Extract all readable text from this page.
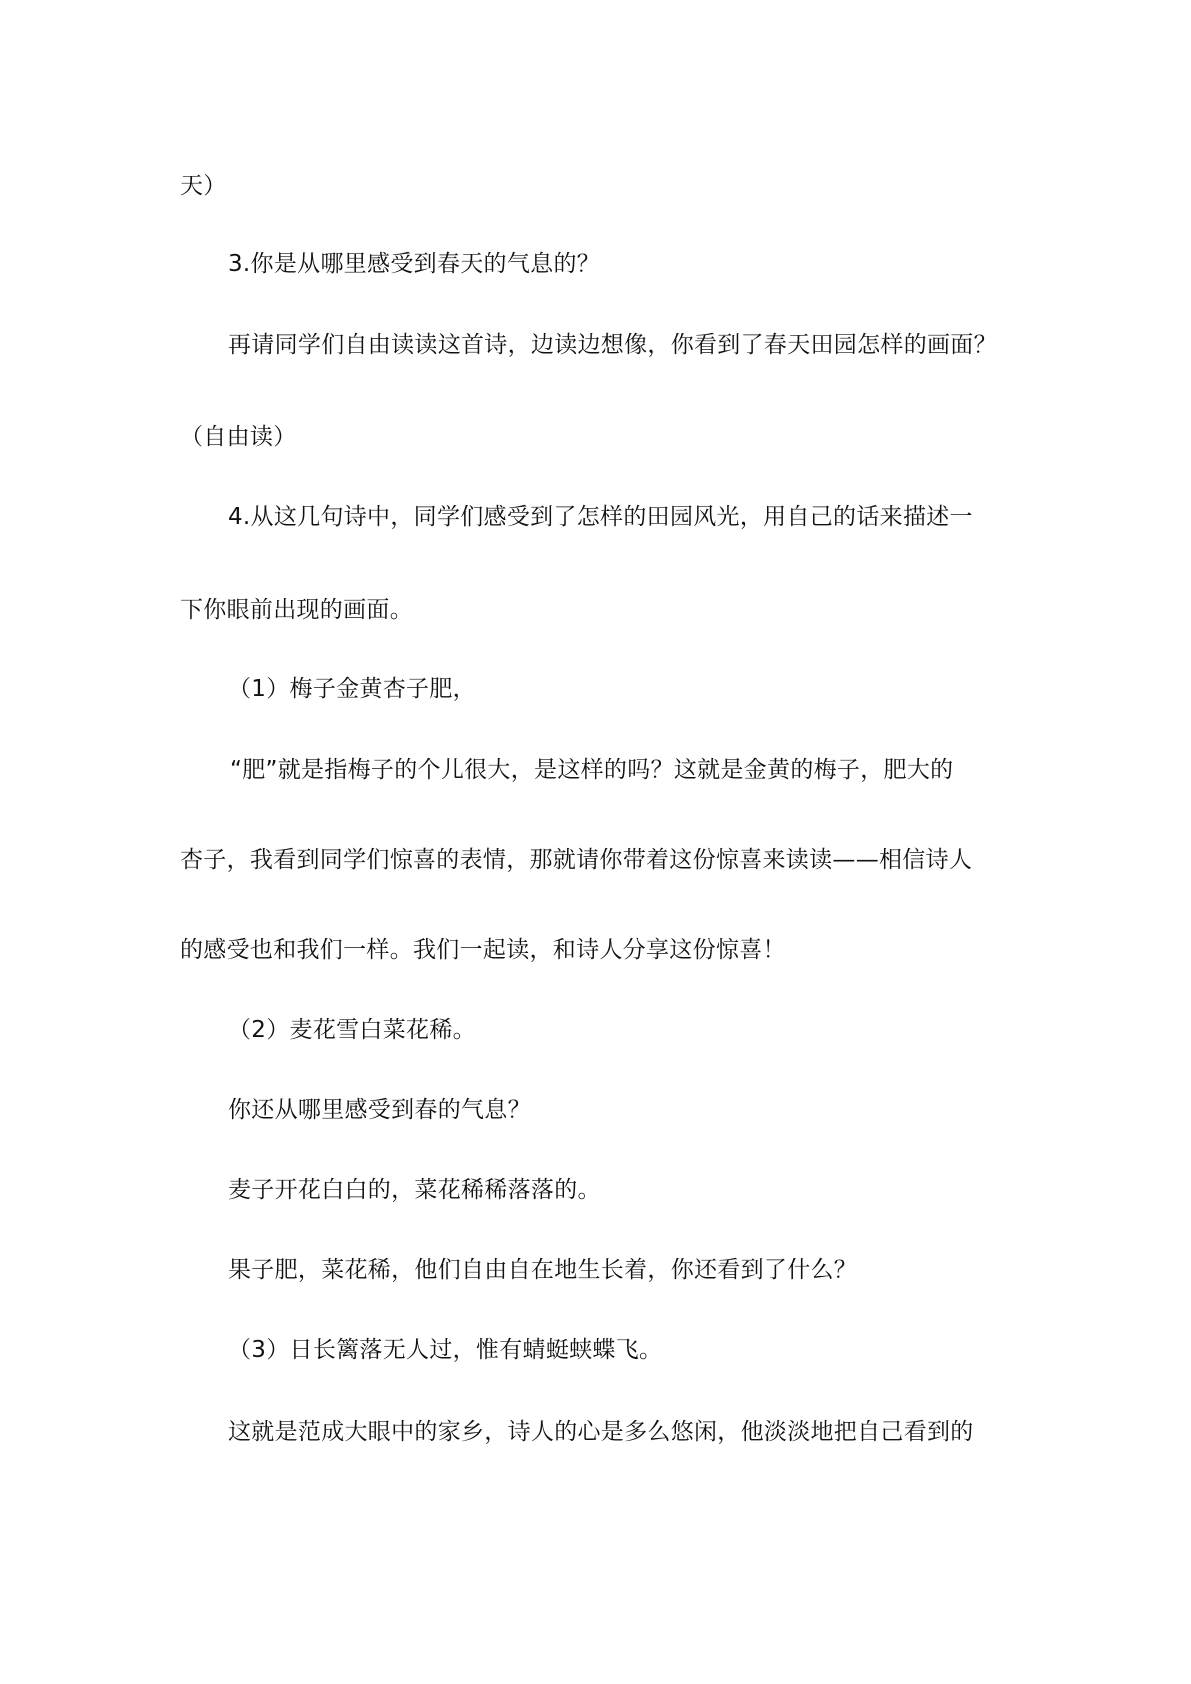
天）
3.你是从哪里感受到春天的气息的？
再请同学们自由读读这首诗，边读边想像，你看到了春天田园怎样的画面？
（自由读）
4.从这几句诗中，同学们感受到了怎样的田园风光，用自己的话来描述一
下你眼前出现的画面。
（1）梅子金黄杏子肥，
“肥”就是指梅子的个儿很大，是这样的吗？这就是金黄的梅子，肥大的
杏子，我看到同学们惊喜的表情，那就请你带着这份惊喜来读读——相信诗人
的感受也和我们一样。我们一起读，和诗人分享这份惊喜！
（2）麦花雪白菜花稀。
你还从哪里感受到春的气息？
麦子开花白白的，菜花稀稀落落的。
果子肥，菜花稀，他们自由自在地生长着，你还看到了什么？
（3）日长篱落无人过，惟有蜻蜓蛱蝶飞。
这就是范成大眼中的家乡，诗人的心是多么悠闲，他淡淡地把自己看到的
